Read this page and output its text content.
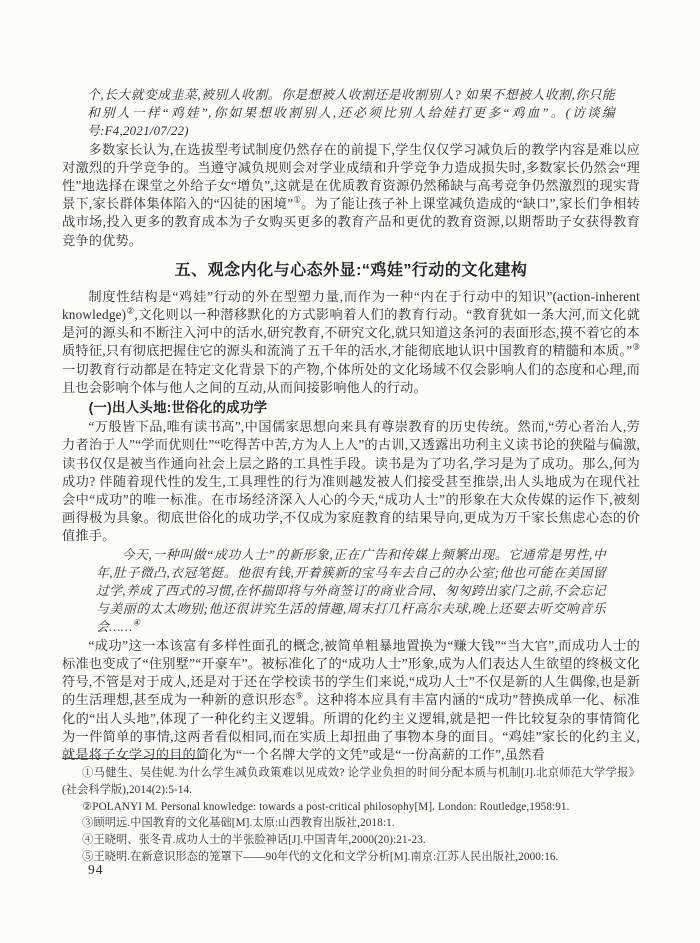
个,长大就变成韭菜,被别人收割。你是想被人收割还是收割别人? 如果不想被人收割,你只能和别人一样“鸡娃”,你如果想收割别人,还必须比别人给娃打更多“鸡血”。(访谈编号:F4,2021/07/22)

多数家长认为,在选拔型考试制度仍然存在的前提下,学生仅仅学习减负后的教学内容是难以应对激烈的升学竞争的。当遵守减负规则会对学业成绩和升学竞争力造成损失时,多数家长仍然会“理性”地选择在课堂之外给子女“增负”,这就是在优质教育资源仍然稀缺与高考竞争仍然激烈的现实背景下,家长群体集体陷入的“囚徒的困境”①。为了能让孩子补上课堂减负造成的“缺口”,家长们争相转战市场,投入更多的教育成本为子女购买更多的教育产品和更优的教育资源,以期帮助子女获得教育竞争的优势。

五、观念内化与心态外显:“鸡娃”行动的文化建构

制度性结构是“鸡娃”行动的外在型塑力量,而作为一种“内在于行动中的知识”(action-inherent knowledge)②,文化则以一种潜移默化的方式影响着人们的教育行动。“教育犹如一条大河,而文化就是河的源头和不断注入河中的活水,研究教育,不研究文化,就只知道这条河的表面形态,摸不着它的本质特征,只有彻底把握住它的源头和流淌了五千年的活水,才能彻底地认识中国教育的精髓和本质。”③一切教育行动都是在特定文化背景下的产物,个体所处的文化场域不仅会影响人们的态度和心理,而且也会影响个体与他人之间的互动,从而间接影响他人的行动。

(一)出人头地:世俗化的成功学

“万般皆下品,唯有读书高”,中国儒家思想向来具有尊崇教育的历史传统。然而,“劳心者治人,劳力者治于人”“学而优则仕”“吃得苦中苦,方为人上人”的古训,又透露出功利主义读书论的狭隘与偏激,读书仅仅是被当作通向社会上层之路的工具性手段。读书是为了功名,学习是为了成功。那么,何为成功? 伴随着现代性的发生,工具理性的行为准则越发被人们接受甚至推崇,出人头地成为在现代社会中“成功”的唯一标准。在市场经济深入人心的今天,“成功人士”的形象在大众传媒的运作下,被刻画得极为具象。彻底世俗化的成功学,不仅成为家庭教育的结果导向,更成为万千家长焦虑心态的价值推手。

今天,一种叫做“成功人士”的新形象,正在广告和传媒上频繁出现。它通常是男性,中年,肚子微凸,衣冠笔挺。他很有钱,开着簇新的宝马车去自己的办公室;他也可能在美国留过学,养成了西式的习惯,在怀揣即将与外商签订的商业合同、匆匆跨出家门之前,不会忘记与美丽的太太吻别;他还很讲究生活的情趣,周末打几杆高尔夫球,晚上还要去听交响音乐会……④

“成功”这一本该富有多样性面孔的概念,被简单粗暴地置换为“赚大钱”“当大官”,而成功人士的标准也变成了“住别墅”“开豪车”。被标准化了的“成功人士”形象,成为人们表达人生欲望的终极文化符号,不管是对于成人,还是对于还在学校读书的学生们来说,“成功人士”不仅是新的人生偶像,也是新的生活理想,甚至成为一种新的意识形态⑤。这种将本应具有丰富内涵的“成功”替换成单一化、标准化的“出人头地”,体现了一种化约主义逻辑。所谓的化约主义逻辑,就是把一件比较复杂的事情简化为一件简单的事情,这两者看似相同,而在实质上却扭曲了事物本身的面目。“鸡娃”家长的化约主义,就是将子女学习的目的简化为“一个名牌大学的文凭”或是“一份高薪的工作”,虽然看

①马健生、吴佳妮.为什么学生减负政策难以见成效? 论学业负担的时间分配本质与机制[J].北京师范大学学报》(社会科学版),2014(2):5-14.

②POLANYI M. Personal knowledge: towards a post-critical philosophy[M]. London: Routledge,1958:91.

③顾明远.中国教育的文化基础[M].太原:山西教育出版社,2018:1.

④王晓明、张冬青.成功人士的半张脸神话[J].中国青年,2000(20):21-23.

⑤王晓明.在新意识形态的笼罩下——90年代的文化和文学分析[M].南京:江苏人民出版社,2000:16.

94
